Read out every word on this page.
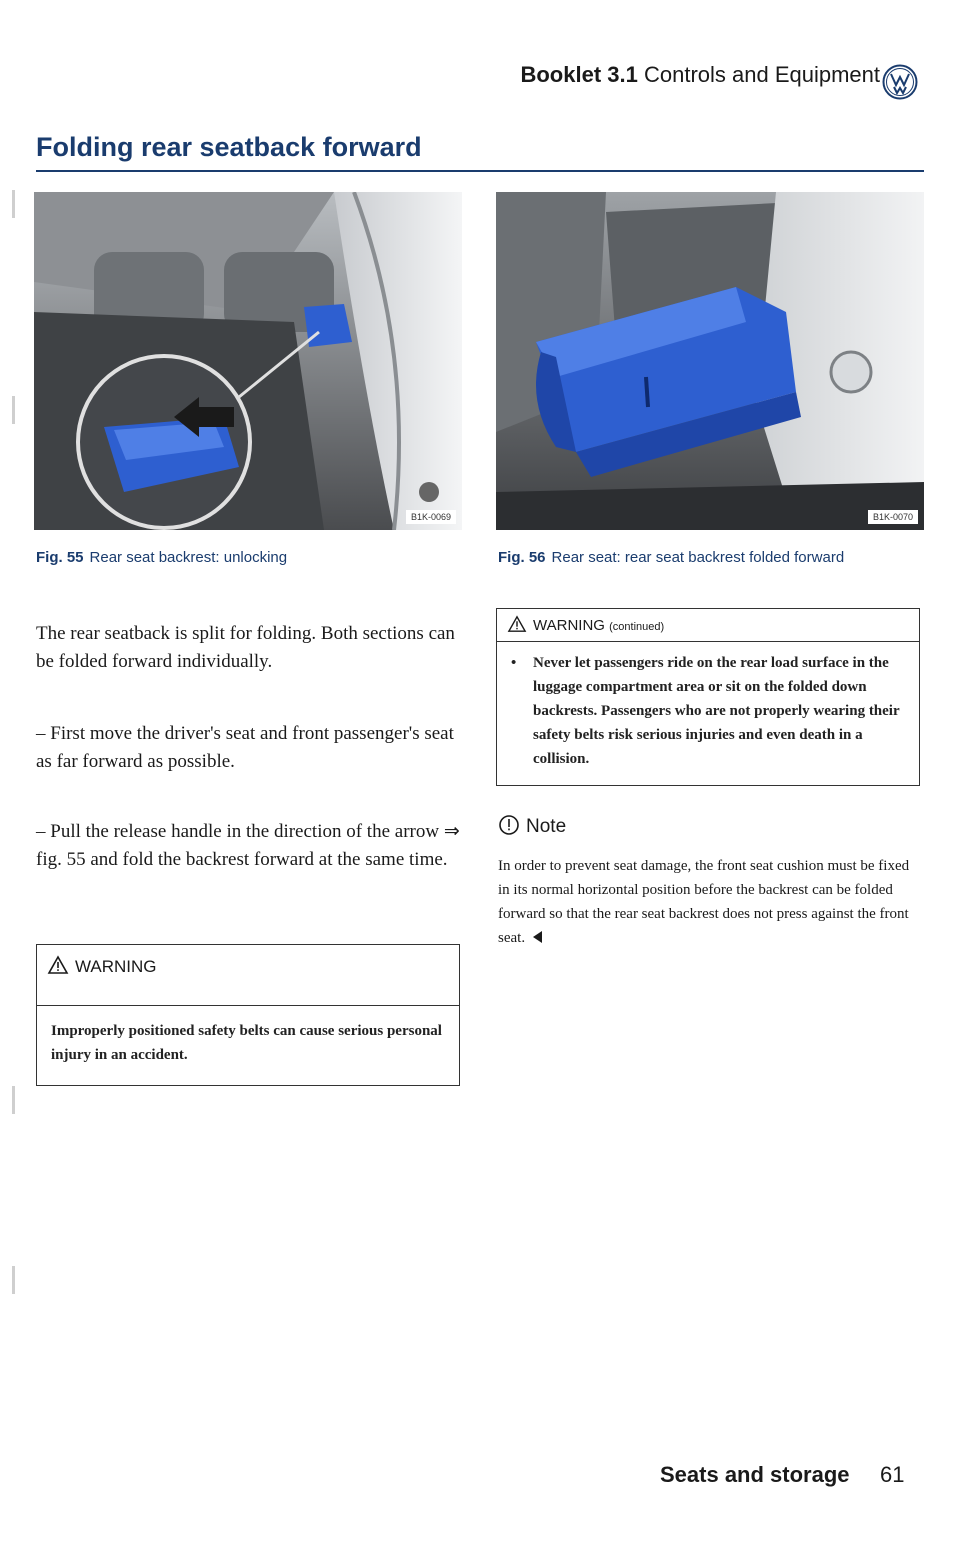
Booklet 3.1 Controls and Equipment
Folding rear seatback forward
B1K-0069
Fig. 55 Rear seat backrest: unlocking
B1K-0070
Fig. 56 Rear seat: rear seat backrest folded forward

The rear seatback is split for folding. Both sections can be folded forward individually.

– First move the driver's seat and front passenger's seat as far forward as possible.

– Pull the release handle in the direction of the arrow ⇒ fig. 55 and fold the backrest forward at the same time.

WARNING
Improperly positioned safety belts can cause serious personal injury in an accident.
WARNING (continued)
• Never let passengers ride on the rear load surface in the luggage compartment area or sit on the folded down backrests. Passengers who are not properly wearing their safety belts risk serious injuries and even death in a collision.
Note

In order to prevent seat damage, the front seat cushion must be fixed in its normal horizontal position before the backrest can be folded forward so that the rear seat backrest does not press against the front seat.

Seats and storage 61
